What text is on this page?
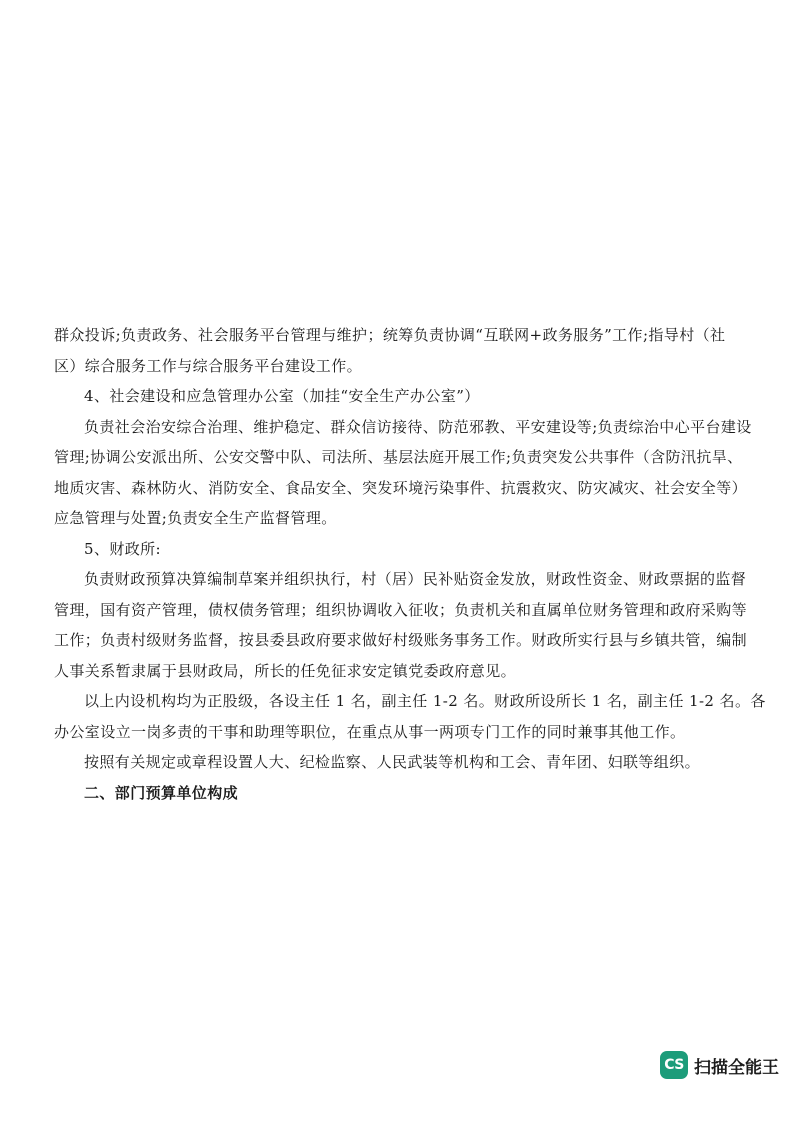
群众投诉;负责政务、社会服务平台管理与维护；统筹负责协调“互联网+政务服务”工作;指导村（社
区）综合服务工作与综合服务平台建设工作。
4、社会建设和应急管理办公室（加挂“安全生产办公室”）
负责社会治安综合治理、维护稳定、群众信访接待、防范邪教、平安建设等;负责综治中心平台建设
管理;协调公安派出所、公安交警中队、司法所、基层法庭开展工作;负责突发公共事件（含防汛抗旱、
地质灾害、森林防火、消防安全、食品安全、突发环境污染事件、抗震救灾、防灾减灾、社会安全等）
应急管理与处置;负责安全生产监督管理。
5、财政所:
负责财政预算决算编制草案并组织执行，村（居）民补贴资金发放，财政性资金、财政票据的监督
管理，国有资产管理，债权债务管理；组织协调收入征收；负责机关和直属单位财务管理和政府采购等
工作；负责村级财务监督，按县委县政府要求做好村级账务事务工作。财政所实行县与乡镇共管，编制
人事关系暂隶属于县财政局，所长的任免征求安定镇党委政府意见。
以上内设机构均为正股级，各设主任 1 名，副主任 1-2 名。财政所设所长 1 名，副主任 1-2 名。各
办公室设立一岗多责的干事和助理等职位，在重点从事一两项专门工作的同时兼事其他工作。
按照有关规定或章程设置人大、纪检监察、人民武装等机构和工会、青年团、妇联等组织。
二、部门预算单位构成
CS 扫描全能王
